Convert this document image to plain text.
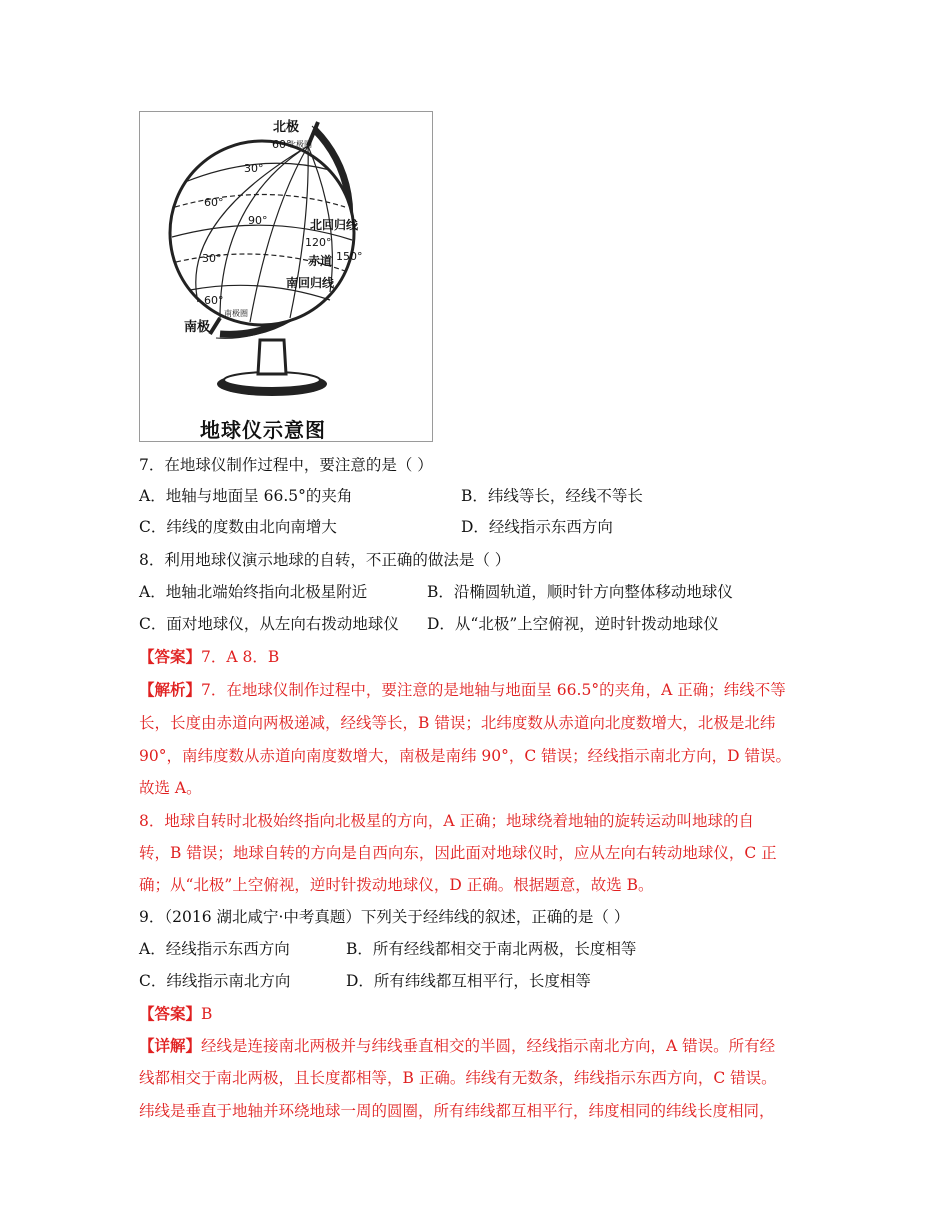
北极
北极圈
60°
30°
60°
90°	北回归线
120°
150°
赤道
30°
南回归线
60°
南极圈
南极
地球仪示意图
7．在地球仪制作过程中，要注意的是（ ）
A．地轴与地面呈 66.5°的夹角	B．纬线等长，经线不等长
C．纬线的度数由北向南增大	D．经线指示东西方向
8．利用地球仪演示地球的自转，不正确的做法是（ ）
A．地轴北端始终指向北极星附近	B．沿椭圆轨道，顺时针方向整体移动地球仪
C．面对地球仪，从左向右拨动地球仪 D．从“北极”上空俯视，逆时针拨动地球仪
【答案】7．A 8．B
【解析】7．在地球仪制作过程中，要注意的是地轴与地面呈 66.5°的夹角，A 正确；纬线不等
长，长度由赤道向两极递减，经线等长，B 错误；北纬度数从赤道向北度数增大，北极是北纬
90°，南纬度数从赤道向南度数增大，南极是南纬 90°，C 错误；经线指示南北方向，D 错误。
故选 A。
8．地球自转时北极始终指向北极星的方向，A 正确；地球绕着地轴的旋转运动叫地球的自
转，B 错误；地球自转的方向是自西向东，因此面对地球仪时，应从左向右转动地球仪，C 正
确；从“北极”上空俯视，逆时针拨动地球仪，D 正确。根据题意，故选 B。
9．（2016 湖北咸宁·中考真题）下列关于经纬线的叙述，正确的是（ ）
A．经线指示东西方向	B．所有经线都相交于南北两极，长度相等
C．纬线指示南北方向	D．所有纬线都互相平行，长度相等
【答案】B
【详解】经线是连接南北两极并与纬线垂直相交的半圆，经线指示南北方向，A 错误。所有经
线都相交于南北两极，且长度都相等，B 正确。纬线有无数条，纬线指示东西方向，C 错误。
纬线是垂直于地轴并环绕地球一周的圆圈，所有纬线都互相平行，纬度相同的纬线长度相同，
